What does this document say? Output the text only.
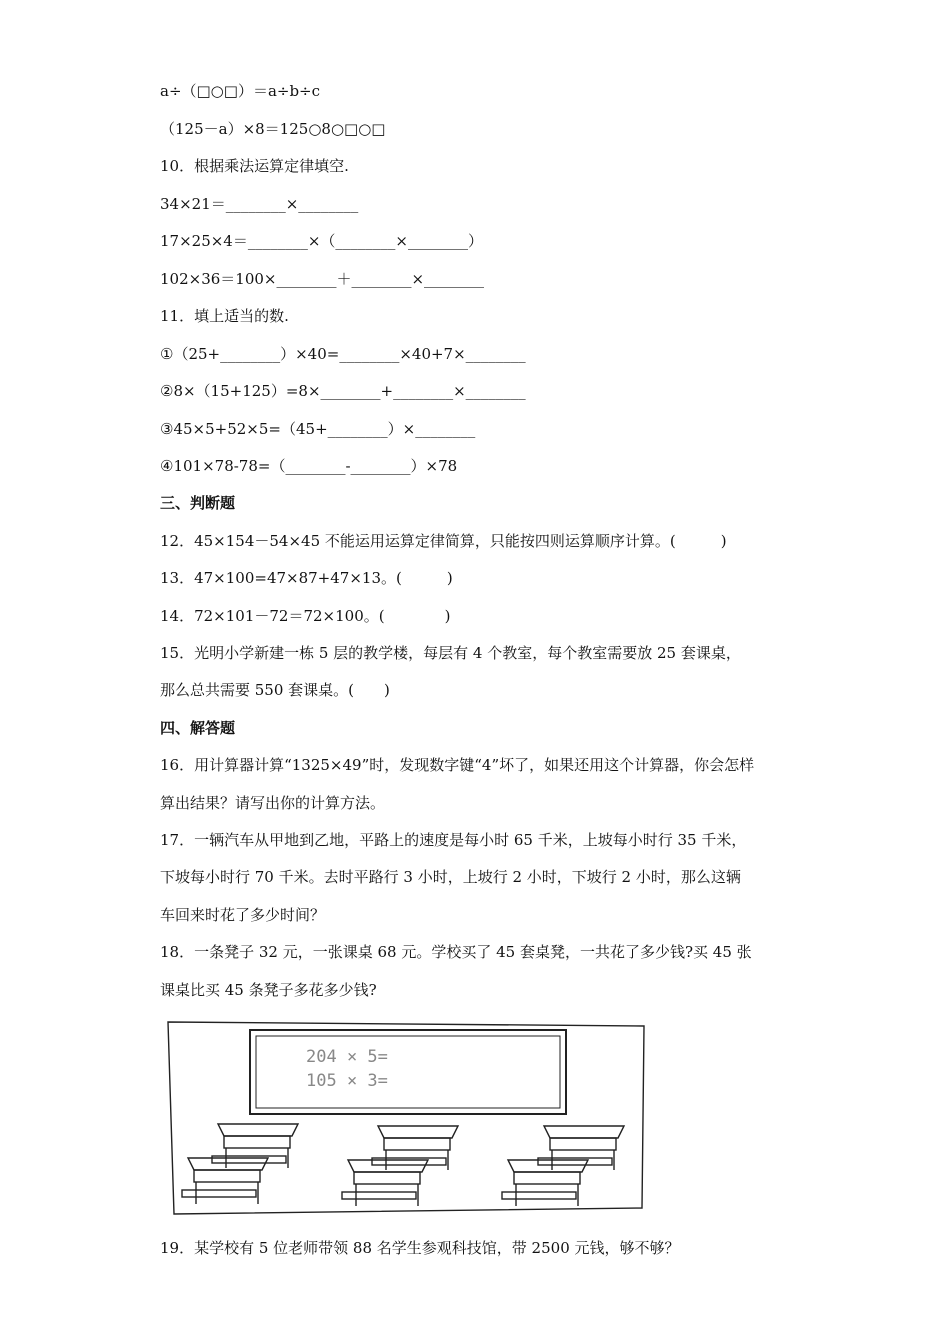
a÷（□○□）＝a÷b÷c
（125－a）×8＝125○8○□○□
10．根据乘法运算定律填空.
34×21＝________×________
17×25×4＝________×（________×________）
102×36＝100×________＋________×________
11．填上适当的数.
①（25+________）×40=________×40+7×________
②8×（15+125）=8×________+________×________
③45×5+52×5=（45+________）×________
④101×78-78=（________-________）×78
三、判断题
12．45×154－54×45 不能运用运算定律简算，只能按四则运算顺序计算。(　　　)
13．47×100=47×87+47×13。(　　　)
14．72×101－72＝72×100。(　　　　)
15．光明小学新建一栋 5 层的教学楼，每层有 4 个教室，每个教室需要放 25 套课桌，
那么总共需要 550 套课桌。(　　)
四、解答题
16．用计算器计算“1325×49”时，发现数字键“4”坏了，如果还用这个计算器，你会怎样
算出结果？请写出你的计算方法。
17．一辆汽车从甲地到乙地，平路上的速度是每小时 65 千米，上坡每小时行 35 千米，
下坡每小时行 70 千米。去时平路行 3 小时，上坡行 2 小时，下坡行 2 小时，那么这辆
车回来时花了多少时间？
18．一条凳子 32 元，一张课桌 68 元。学校买了 45 套桌凳，一共花了多少钱?买 45 张
课桌比买 45 条凳子多花多少钱?
204 × 5=
105 × 3=
19．某学校有 5 位老师带领 88 名学生参观科技馆，带 2500 元钱，够不够？
